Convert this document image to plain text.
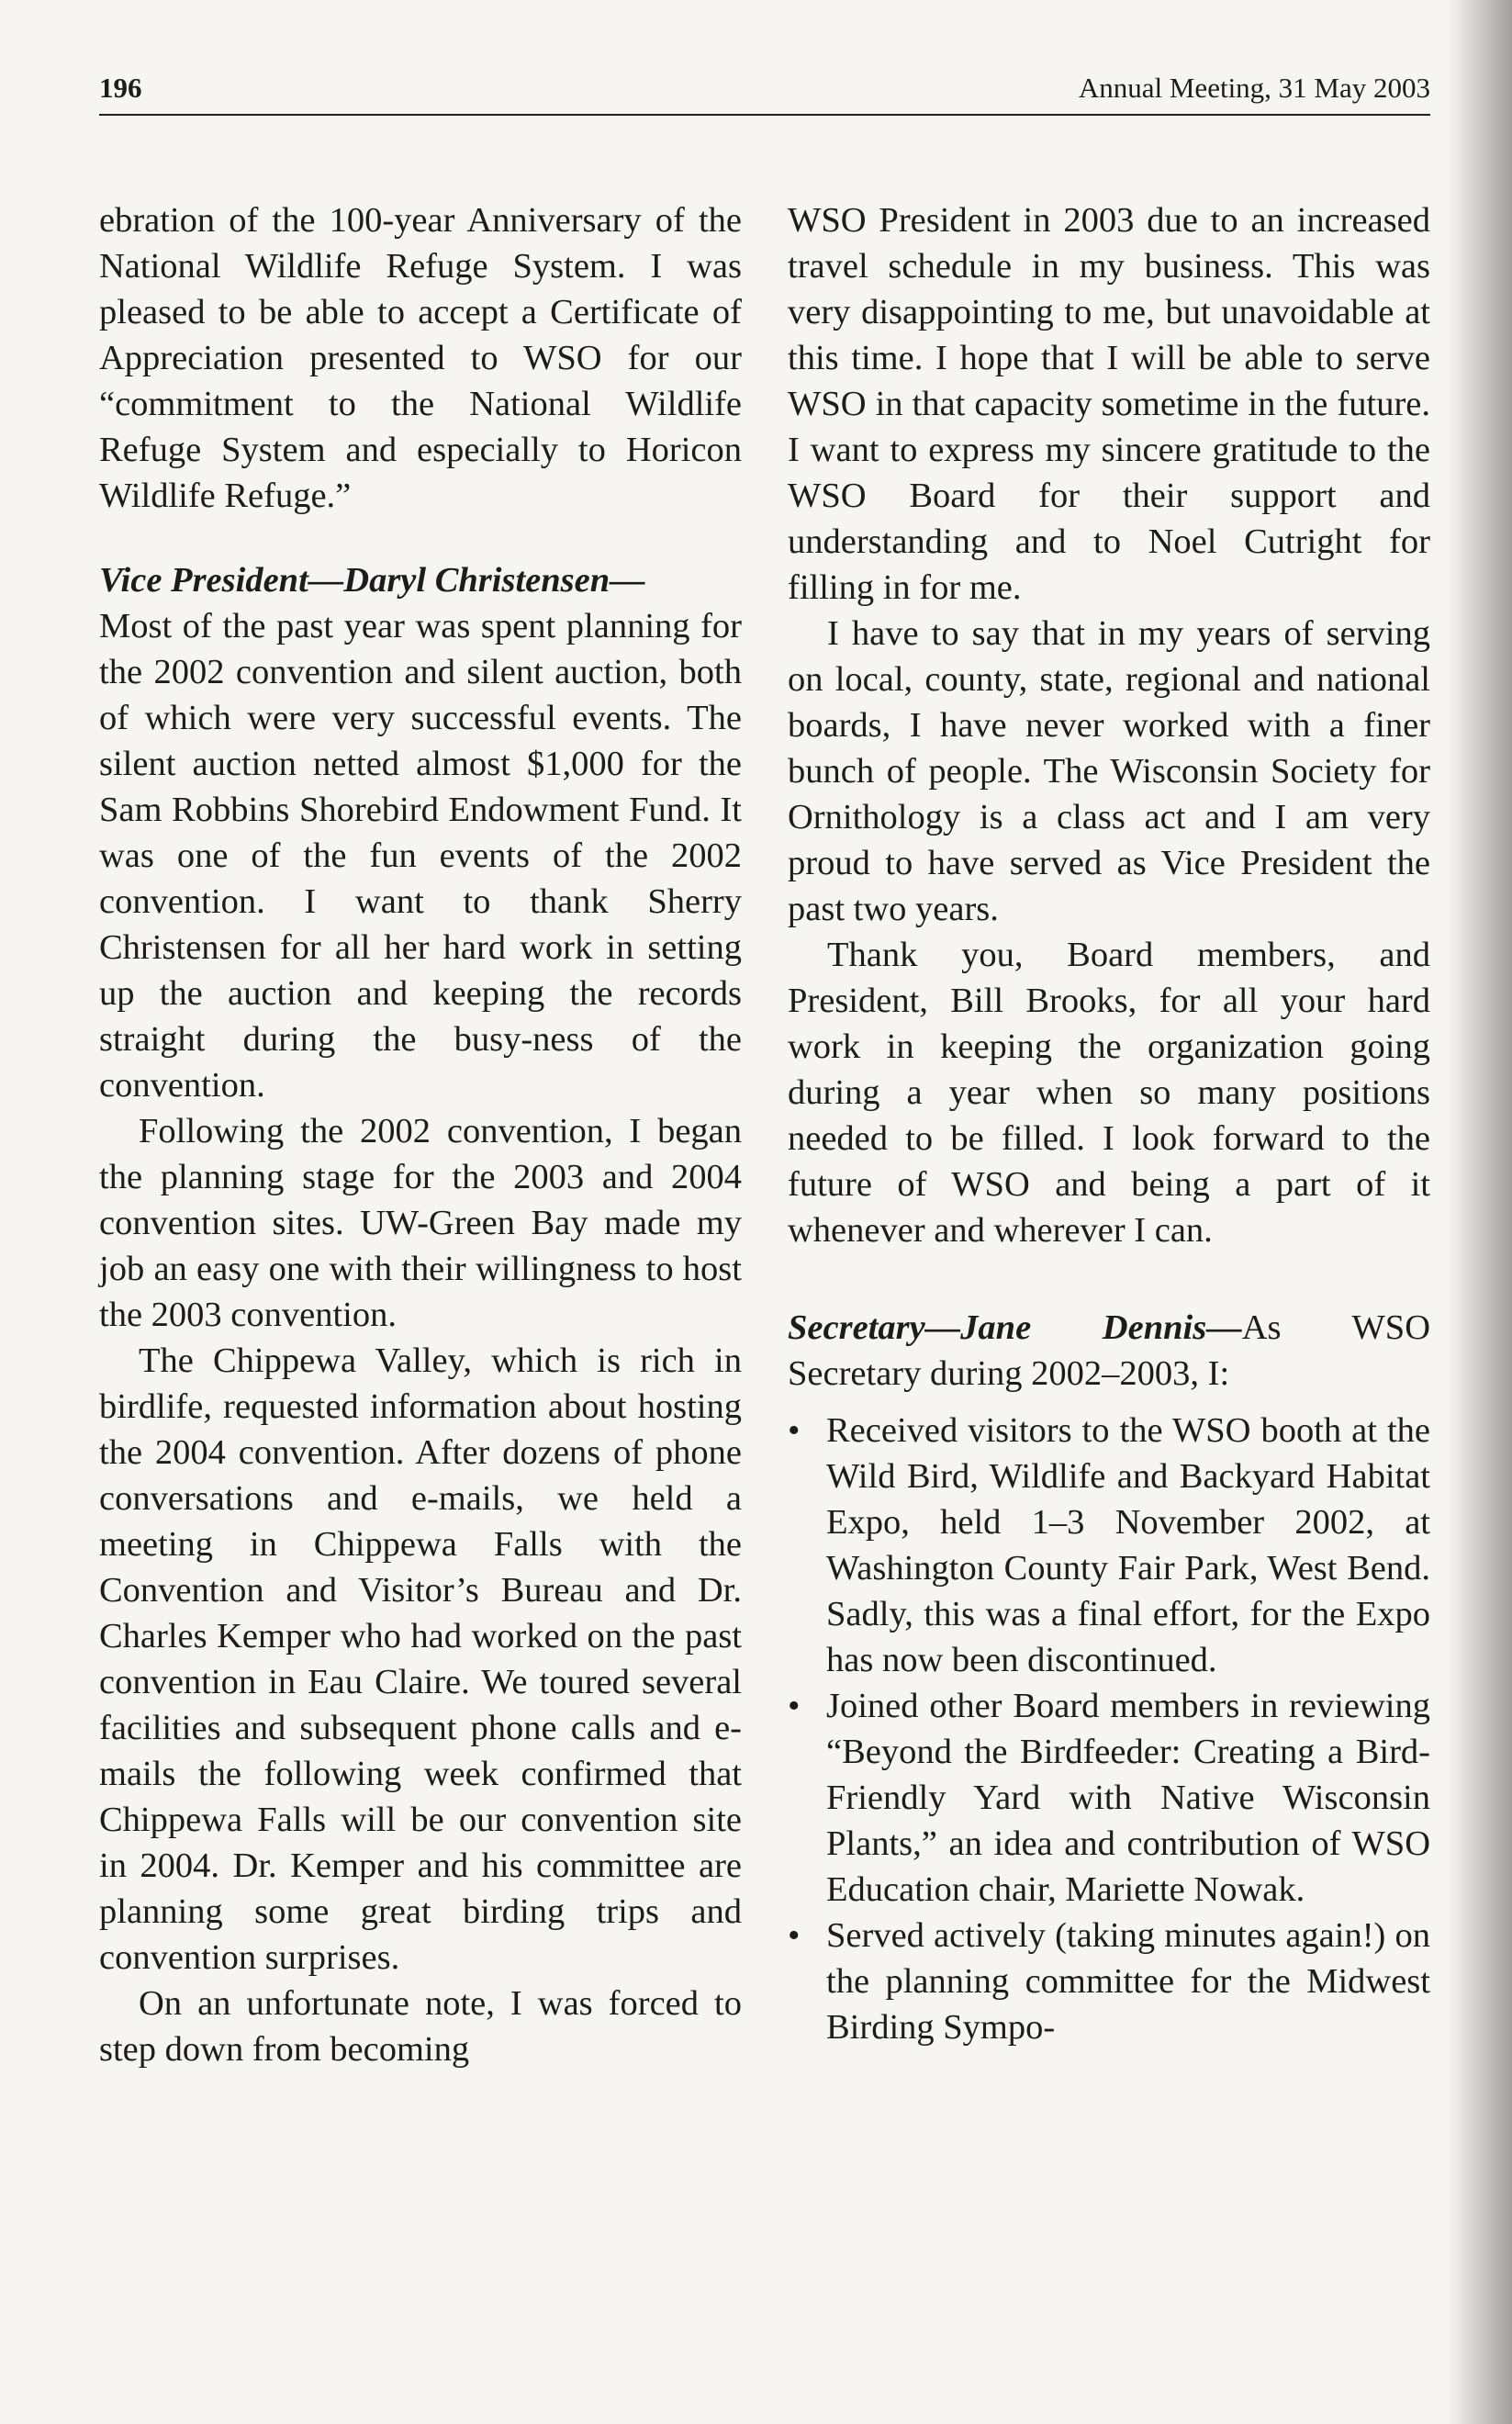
196	Annual Meeting, 31 May 2003

ebration of the 100-year Anniversary of the National Wildlife Refuge System. I was pleased to be able to accept a Certificate of Appreciation presented to WSO for our “commitment to the National Wildlife Refuge System and especially to Horicon Wildlife Refuge.”

Vice President—Daryl Christensen—
Most of the past year was spent planning for the 2002 convention and silent auction, both of which were very successful events. The silent auction netted almost $1,000 for the Sam Robbins Shorebird Endowment Fund. It was one of the fun events of the 2002 convention. I want to thank Sherry Christensen for all her hard work in setting up the auction and keeping the records straight during the busy-ness of the convention.

Following the 2002 convention, I began the planning stage for the 2003 and 2004 convention sites. UW-Green Bay made my job an easy one with their willingness to host the 2003 convention.

The Chippewa Valley, which is rich in birdlife, requested information about hosting the 2004 convention. After dozens of phone conversations and e-mails, we held a meeting in Chippewa Falls with the Convention and Visitor’s Bureau and Dr. Charles Kemper who had worked on the past convention in Eau Claire. We toured several facilities and subsequent phone calls and e-mails the following week confirmed that Chippewa Falls will be our convention site in 2004. Dr. Kemper and his committee are planning some great birding trips and convention surprises.

On an unfortunate note, I was forced to step down from becoming

WSO President in 2003 due to an increased travel schedule in my business. This was very disappointing to me, but unavoidable at this time. I hope that I will be able to serve WSO in that capacity sometime in the future. I want to express my sincere gratitude to the WSO Board for their support and understanding and to Noel Cutright for filling in for me.

I have to say that in my years of serving on local, county, state, regional and national boards, I have never worked with a finer bunch of people. The Wisconsin Society for Ornithology is a class act and I am very proud to have served as Vice President the past two years.

Thank you, Board members, and President, Bill Brooks, for all your hard work in keeping the organization going during a year when so many positions needed to be filled. I look forward to the future of WSO and being a part of it whenever and wherever I can.

Secretary—Jane Dennis—As WSO Secretary during 2002–2003, I:

• Received visitors to the WSO booth at the Wild Bird, Wildlife and Backyard Habitat Expo, held 1–3 November 2002, at Washington County Fair Park, West Bend. Sadly, this was a final effort, for the Expo has now been discontinued.
• Joined other Board members in reviewing “Beyond the Birdfeeder: Creating a Bird-Friendly Yard with Native Wisconsin Plants,” an idea and contribution of WSO Education chair, Mariette Nowak.
• Served actively (taking minutes again!) on the planning committee for the Midwest Birding Sympo-
